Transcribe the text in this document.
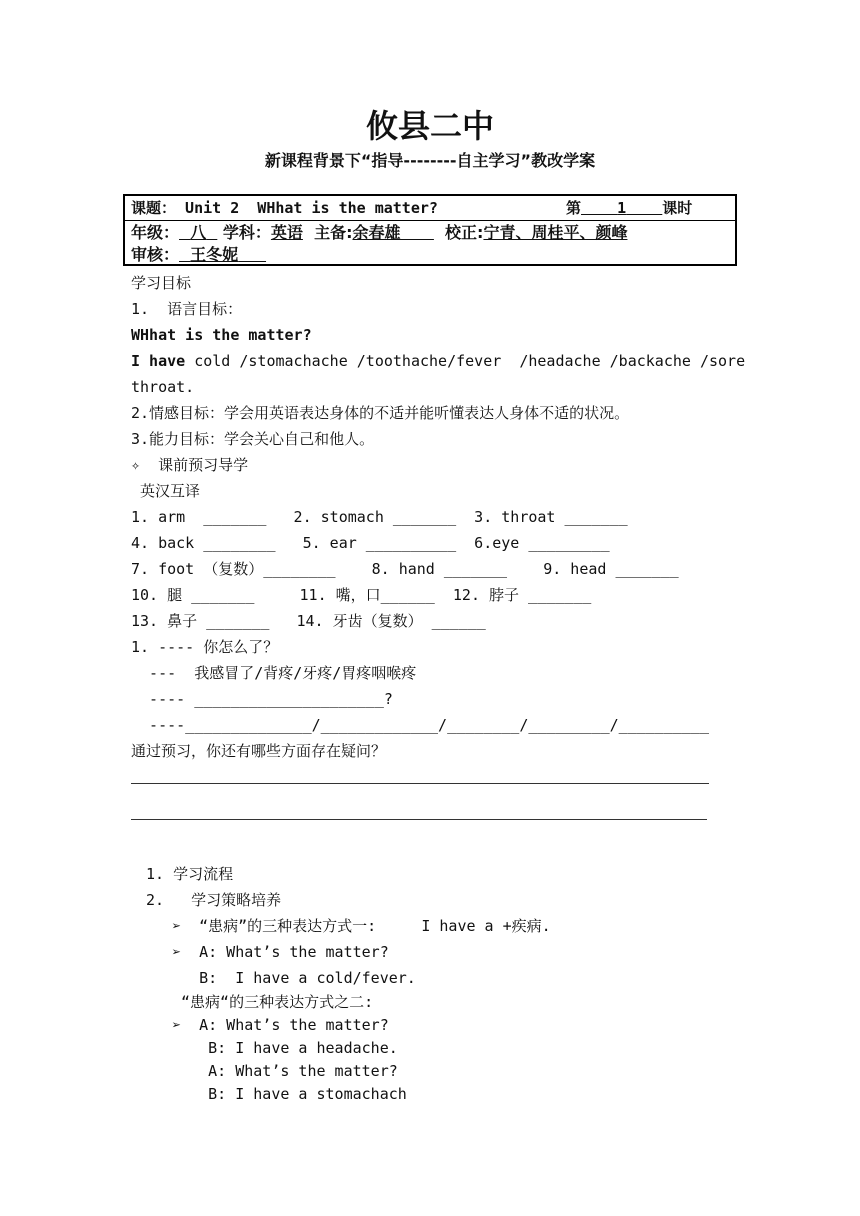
攸县二中
新课程背景下“指导--------自主学习”教改学案
_
课题： Unit 2  WHhat is the matter?	第 1 课时
年级： 八 学科：英语 主备:余春雄	校正:宁青、周桂平、颜峰
审核： 王冬妮
学习目标
1.  语言目标：
WHhat is the matter?
I have cold /stomachache /toothache/fever  /headache /backache /sore
throat.
2.情感目标：学会用英语表达身体的不适并能听懂表达人身体不适的状况。
3.能力目标：学会关心自己和他人。
✧  课前预习导学
英汉互译
1. arm  _______   2. stomach _______  3. throat _______
4. back ________   5. ear __________  6.eye _________
7. foot （复数）________    8. hand _______    9. head _______
10. 腿 _______     11. 嘴，口______  12. 脖子 _______
13. 鼻子 _______   14. 牙齿（复数） ______
1. ---- 你怎么了？
---  我感冒了/背疼/牙疼/胃疼咽喉疼
---- _____________________?
----______________/_____________/________/_________/__________
通过预习，你还有哪些方面存在疑问？
1. 学习流程
2.   学习策略培养
➢  “患病”的三种表达方式一:     I have a +疾病.
➢  A: What’s the matter?
B:  I have a cold/fever.
“患病“的三种表达方式之二:
➢  A: What’s the matter?
B: I have a headache.
A: What’s the matter?
B: I have a stomachach
